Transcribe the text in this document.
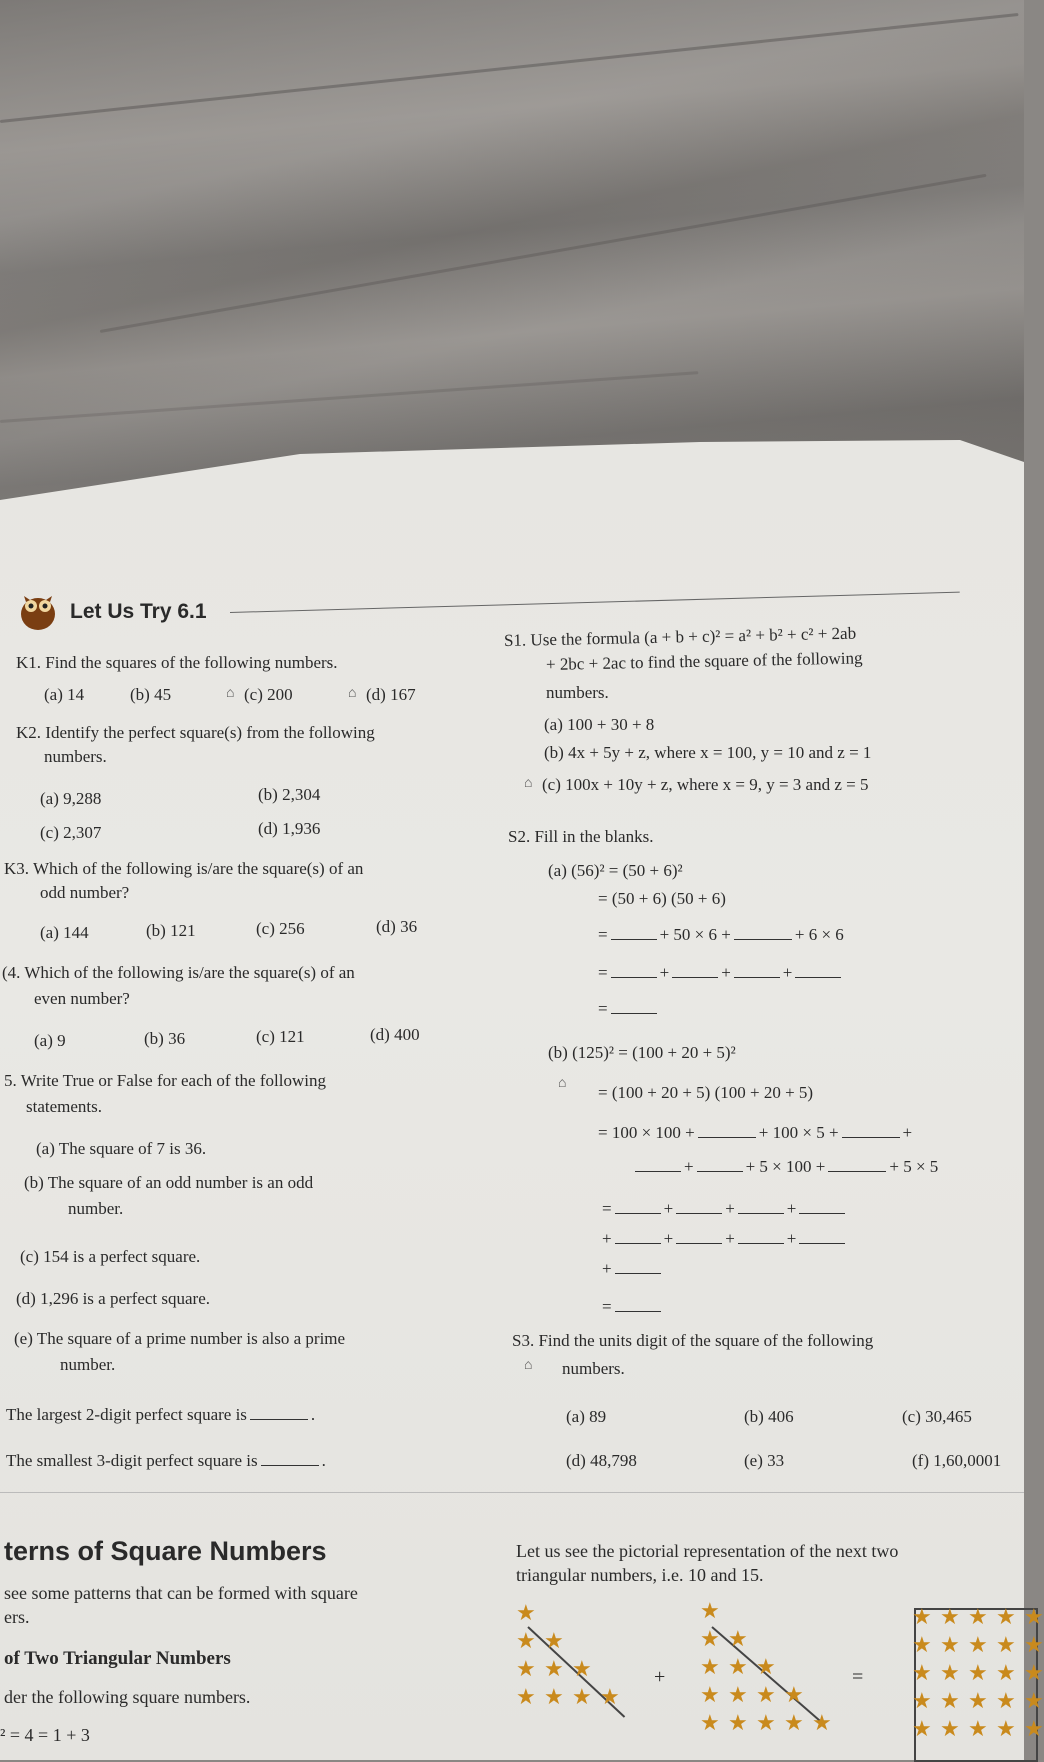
Let Us Try 6.1
K1. Find the squares of the following numbers.
(a) 14	(b) 45	⌂ (c) 200	⌂ (d) 167
K2. Identify the perfect square(s) from the following
numbers.
(a) 9,288	(b) 2,304
(c) 2,307	(d) 1,936
K3. Which of the following is/are the square(s) of an
odd number?
(a) 144	(b) 121	(c) 256	(d) 36
(4. Which of the following is/are the square(s) of an
even number?
(a) 9	(b) 36	(c) 121	(d) 400
5. Write True or False for each of the following
statements.
(a) The square of 7 is 36.
(b) The square of an odd number is an odd
number.
(c) 154 is a perfect square.
(d) 1,296 is a perfect square.
(e) The square of a prime number is also a prime
number.
The largest 2-digit perfect square is	.
The smallest 3-digit perfect square is	.
S1. Use the formula (a + b + c)² = a² + b² + c² + 2ab
+ 2bc + 2ac to find the square of the following
numbers.
(a) 100 + 30 + 8
(b) 4x + 5y + z, where x = 100, y = 10 and z = 1
⌂ (c) 100x + 10y + z, where x = 9, y = 3 and z = 5
S2. Fill in the blanks.
(a) (56)² = (50 + 6)²
= (50 + 6) (50 + 6)
=	+ 50 × 6 +	+ 6 × 6
=	+	+	+
=
(b) (125)² = (100 + 20 + 5)²
⌂ = (100 + 20 + 5) (100 + 20 + 5)
= 100 × 100 +	+ 100 × 5 +	+
+	+ 5 × 100 +	+ 5 × 5
=	+	+	+
+	+	+	+
+
=
S3. Find the units digit of the square of the following
⌂ numbers.
(a) 89	(b) 406	(c) 30,465
(d) 48,798	(e) 33	(f) 1,60,0001
terns of Square Numbers
see some patterns that can be formed with square
ers.
of Two Triangular Numbers
der the following square numbers.
² = 4 = 1 + 3
Let us see the pictorial representation of the next two
triangular numbers, i.e. 10 and 15.
+	=
★
★ ★
★ ★ ★
★ ★ ★ ★
★
★ ★
★ ★ ★
★ ★ ★ ★
★ ★ ★ ★ ★
★ ★ ★ ★ ★
★ ★ ★ ★ ★
★ ★ ★ ★ ★
★ ★ ★ ★ ★
★ ★ ★ ★ ★
